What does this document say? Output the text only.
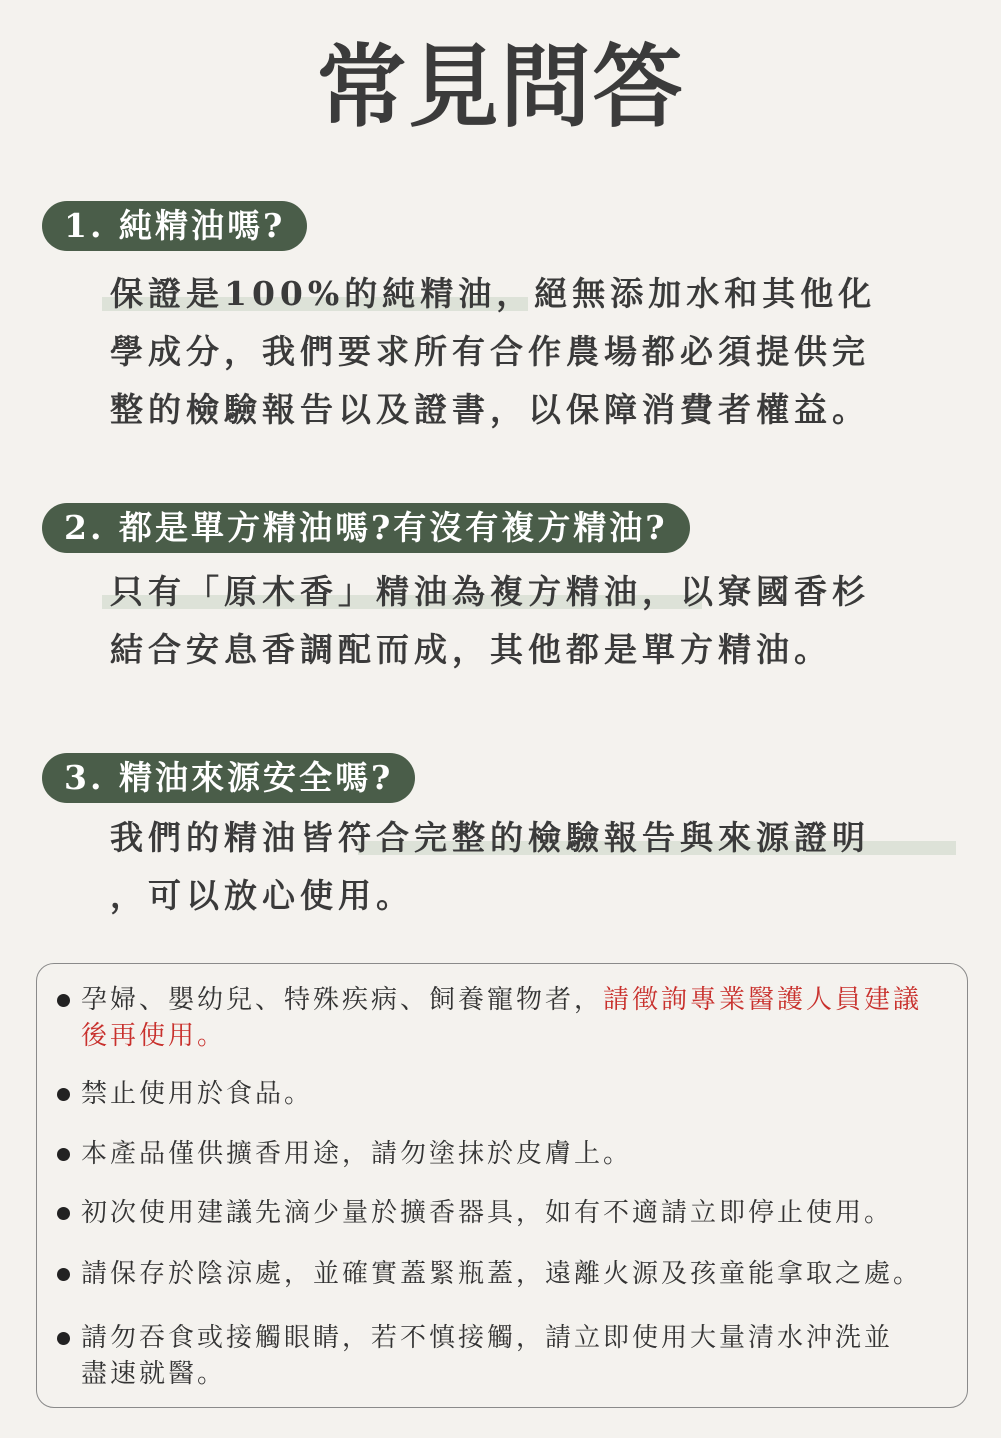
常見問答
1. 純精油嗎?
保證是100%的純精油，絕無添加水和其他化
學成分，我們要求所有合作農場都必須提供完
整的檢驗報告以及證書，以保障消費者權益。
2. 都是單方精油嗎?有沒有複方精油?
只有「原木香」精油為複方精油，以寮國香杉
結合安息香調配而成，其他都是單方精油。
3. 精油來源安全嗎?
我們的精油皆符合完整的檢驗報告與來源證明
，可以放心使用。
孕婦、嬰幼兒、特殊疾病、飼養寵物者，請徵詢專業醫護人員建議
後再使用。
禁止使用於食品。
本產品僅供擴香用途，請勿塗抹於皮膚上。
初次使用建議先滴少量於擴香器具，如有不適請立即停止使用。
請保存於陰涼處，並確實蓋緊瓶蓋，遠離火源及孩童能拿取之處。
請勿吞食或接觸眼睛，若不慎接觸，請立即使用大量清水沖洗並
盡速就醫。
